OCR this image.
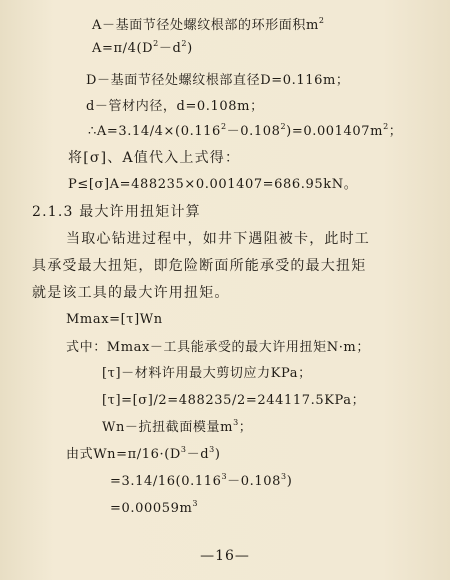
A－基面节径处螺纹根部的环形面积$m^2$
$A=\pi/4(D^2-d^2)$
D－基面节径处螺纹根部直径D=0.116m；
d－管材内径，d=0.108m；
$\therefore A=3.14/4\times(0.116^2-0.108^2)=0.001407m^2$；
将[σ]、A值代入上式得：
P≤[σ]A=488235×0.001407=686.95kN。
2.1.3 最大许用扭矩计算
当取心钻进过程中，如井下遇阻被卡，此时工
具承受最大扭矩，即危险断面所能承受的最大扭矩
就是该工具的最大许用扭矩。
Mmax=[τ]Wn
式中：Mmax－工具能承受的最大许用扭矩N·m；
[τ]－材料许用最大剪切应力KPa；
[τ]=[σ]/2=488235/2=244117.5KPa；
Wn－抗扭截面模量$m^3$；
由式$Wn=\pi/16\cdot(D^3-d^3)$
$=3.14/16(0.116^3-0.108^3)$
$=0.00059m^3$
—16—
